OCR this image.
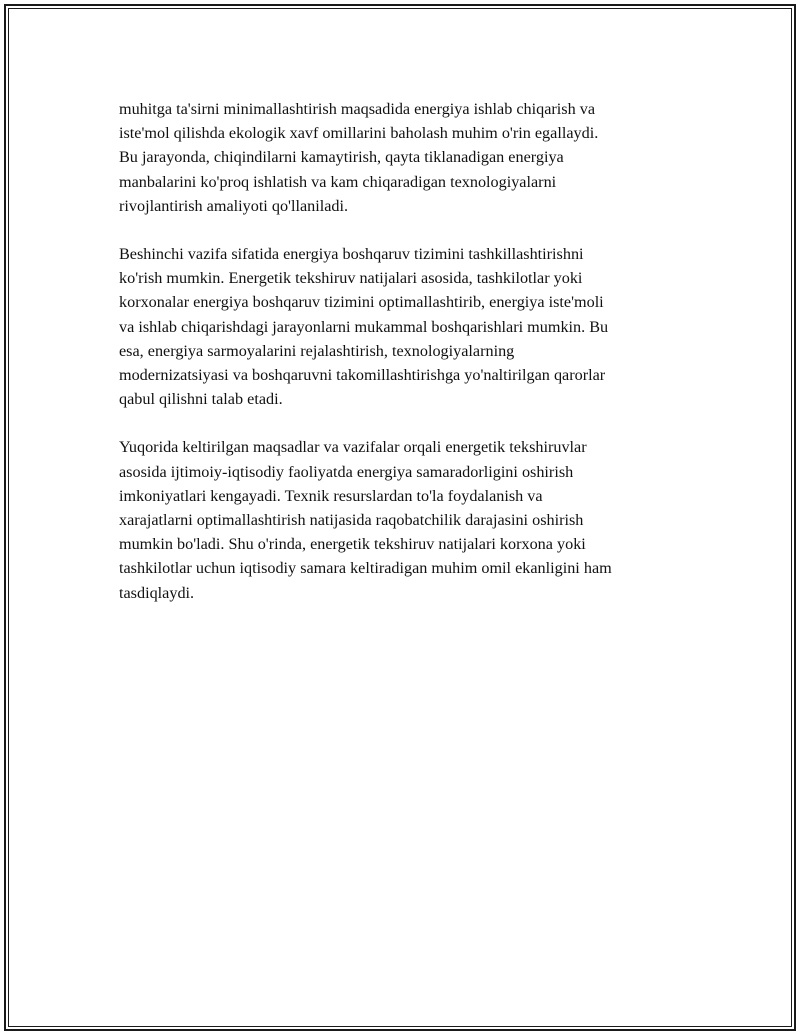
muhitga ta'sirni minimallashtirish maqsadida energiya ishlab chiqarish va
iste'mol qilishda ekologik xavf omillarini baholash muhim o'rin egallaydi.
Bu jarayonda, chiqindilarni kamaytirish, qayta tiklanadigan energiya
manbalarini ko'proq ishlatish va kam chiqaradigan texnologiyalarni
rivojlantirish amaliyoti qo'llaniladi.

Beshinchi vazifa sifatida energiya boshqaruv tizimini tashkillashtirishni
ko'rish mumkin. Energetik tekshiruv natijalari asosida, tashkilotlar yoki
korxonalar energiya boshqaruv tizimini optimallashtirib, energiya iste'moli
va ishlab chiqarishdagi jarayonlarni mukammal boshqarishlari mumkin. Bu
esa, energiya sarmoyalarini rejalashtirish, texnologiyalarning
modernizatsiyasi va boshqaruvni takomillashtirishga yo'naltirilgan qarorlar
qabul qilishni talab etadi.

Yuqorida keltirilgan maqsadlar va vazifalar orqali energetik tekshiruvlar
asosida ijtimoiy-iqtisodiy faoliyatda energiya samaradorligini oshirish
imkoniyatlari kengayadi. Texnik resurslardan to'la foydalanish va
xarajatlarni optimallashtirish natijasida raqobatchilik darajasini oshirish
mumkin bo'ladi. Shu o'rinda, energetik tekshiruv natijalari korxona yoki
tashkilotlar uchun iqtisodiy samara keltiradigan muhim omil ekanligini ham
tasdiqlaydi.
